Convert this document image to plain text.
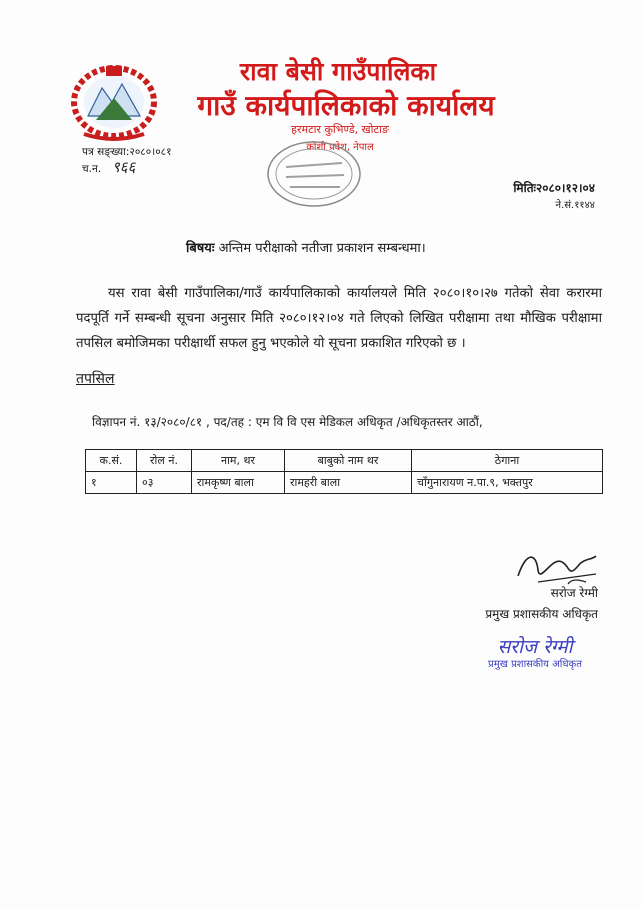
रावा बेसी गाउँपालिका
गाउँ कार्यपालिकाको कार्यालय
हरमटार कुभिण्डे, खोटाङ
कोशी प्रदेश, नेपाल
पत्र सङ्ख्या:२०८०।०८१
च.न. ९६६
मितिः२०८०।१२।०४
ने.सं.११४४
बिषयः अन्तिम परीक्षाको नतीजा प्रकाशन सम्बन्धमा।
यस रावा बेसी गाउँपालिका/गाउँ कार्यपालिकाको कार्यालयले मिति २०८०।१०।२७ गतेको सेवा करारमा पदपूर्ति गर्ने सम्बन्धी सूचना अनुसार मिति २०८०।१२।०४ गते लिएको लिखित परीक्षामा तथा मौखिक परीक्षामा तपसिल बमोजिमका परीक्षार्थी सफल हुनु भएकोले यो सूचना प्रकाशित गरिएको छ ।
तपसिल
विज्ञापन नं. १३/२०८०/८१ , पद/तह : एम वि वि एस मेडिकल अधिकृत /अधिकृतस्तर आठौं,
क.सं.	रोल नं.	नाम, थर	बाबुको नाम थर	ठेगाना
१	०३	रामकृष्ण बाला	रामहरी बाला	चाँगुनारायण न.पा.९, भक्तपुर
सरोज रेग्मी
प्रमुख प्रशासकीय अधिकृत
सरोज रेग्मी
प्रमुख प्रशासकीय अधिकृत
